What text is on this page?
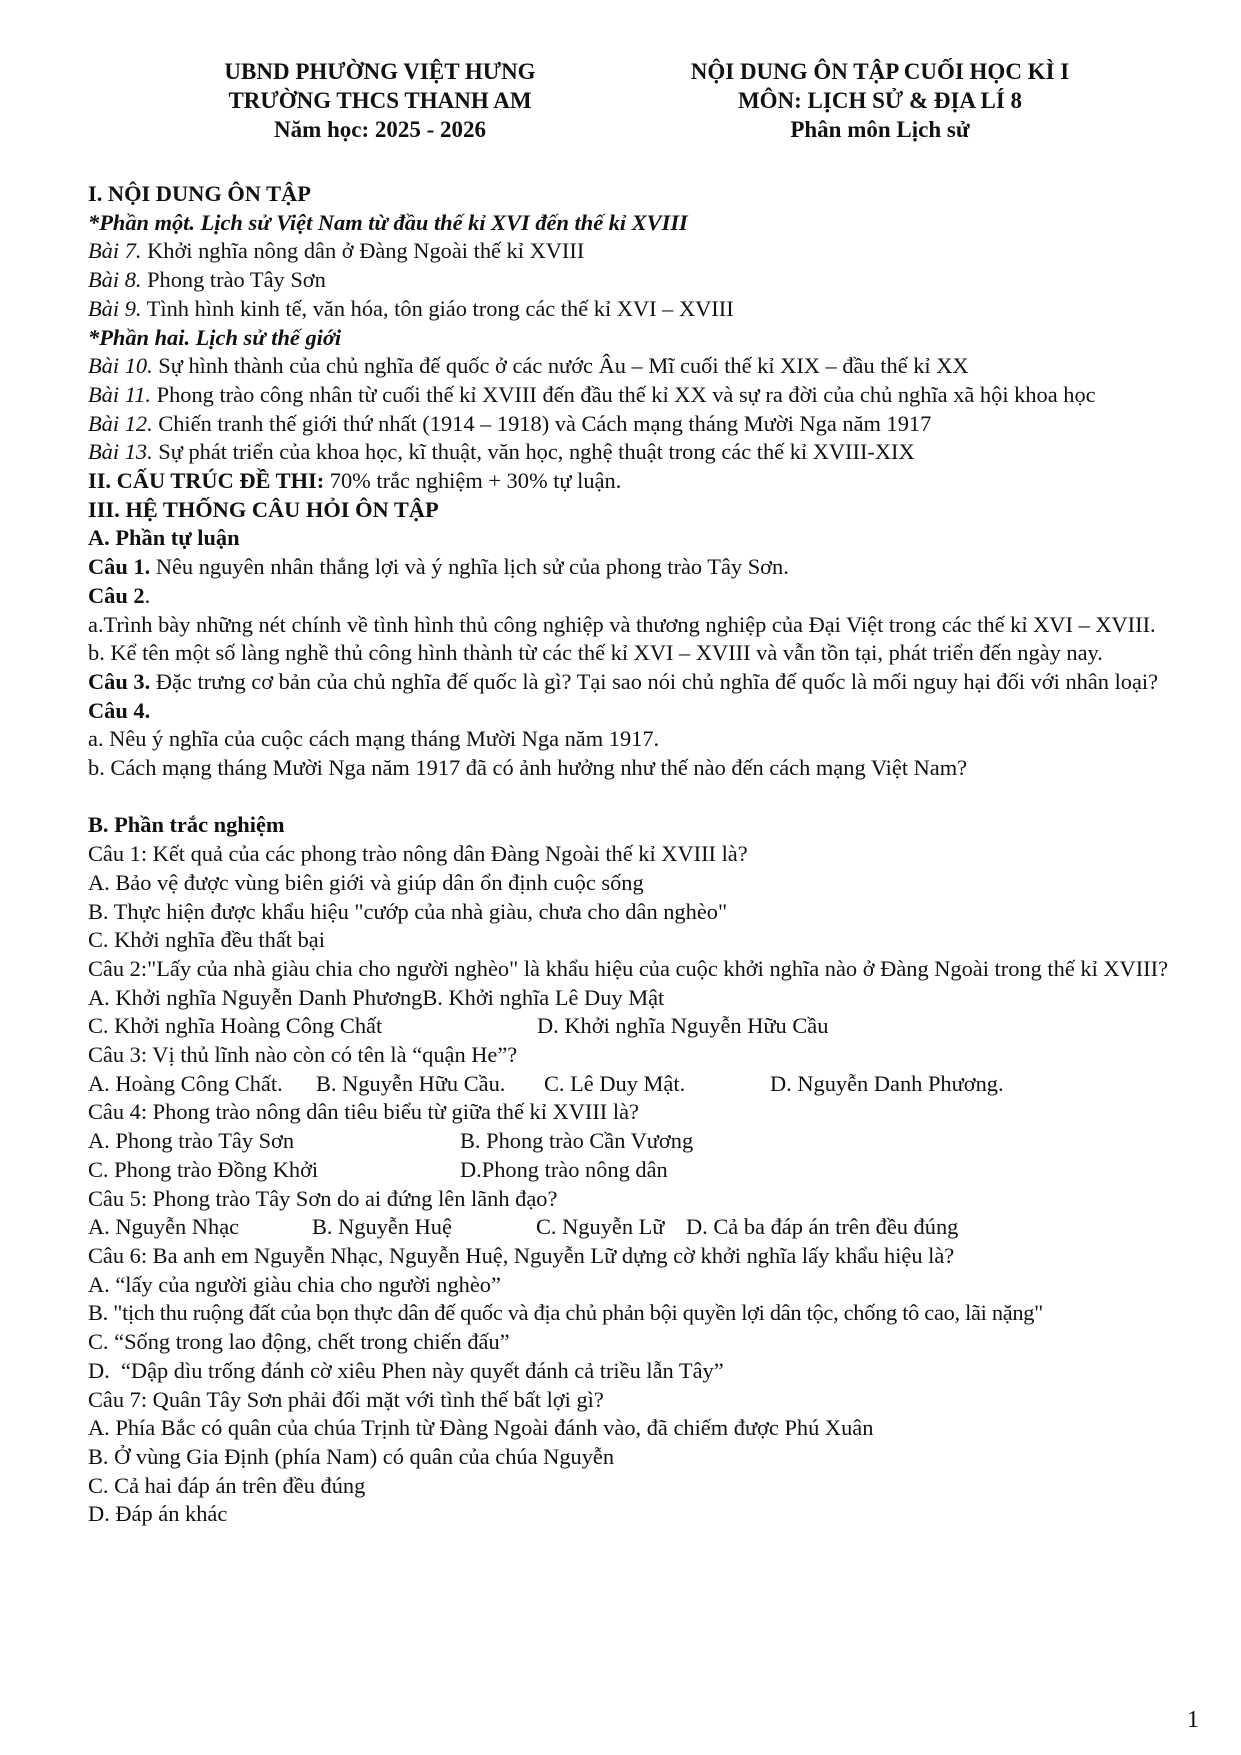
UBND PHƯỜNG VIỆT HƯNG
TRƯỜNG THCS THANH AM
Năm học: 2025 - 2026
NỘI DUNG ÔN TẬP CUỐI HỌC KÌ I
MÔN: LỊCH SỬ & ĐỊA LÍ 8
Phân môn Lịch sử

I. NỘI DUNG ÔN TẬP

*Phần một. Lịch sử Việt Nam từ đầu thế kỉ XVI đến thế kỉ XVIII

Bài 7. Khởi nghĩa nông dân ở Đàng Ngoài thế kỉ XVIII

Bài 8. Phong trào Tây Sơn

Bài 9. Tình hình kinh tế, văn hóa, tôn giáo trong các thế kỉ XVI – XVIII

*Phần hai. Lịch sử thế giới

Bài 10. Sự hình thành của chủ nghĩa đế quốc ở các nước Âu – Mĩ cuối thế kỉ XIX – đầu thế kỉ XX

Bài 11. Phong trào công nhân từ cuối thế kỉ XVIII đến đầu thế kỉ XX và sự ra đời của chủ nghĩa xã hội khoa học

Bài 12. Chiến tranh thế giới thứ nhất (1914 – 1918) và Cách mạng tháng Mười Nga năm 1917

Bài 13. Sự phát triển của khoa học, kĩ thuật, văn học, nghệ thuật trong các thế kỉ XVIII-XIX

II. CẤU TRÚC ĐỀ THI: 70% trắc nghiệm + 30% tự luận.

III. HỆ THỐNG CÂU HỎI ÔN TẬP

A. Phần tự luận

Câu 1. Nêu nguyên nhân thắng lợi và ý nghĩa lịch sử của phong trào Tây Sơn.

Câu 2.

a.Trình bày những nét chính về tình hình thủ công nghiệp và thương nghiệp của Đại Việt trong các thế kỉ XVI – XVIII.

b. Kể tên một số làng nghề thủ công hình thành từ các thế kỉ XVI – XVIII và vẫn tồn tại, phát triển đến ngày nay.

Câu 3. Đặc trưng cơ bản của chủ nghĩa đế quốc là gì? Tại sao nói chủ nghĩa đế quốc là mối nguy hại đối với nhân loại?

Câu 4.

a. Nêu ý nghĩa của cuộc cách mạng tháng Mười Nga năm 1917.

b. Cách mạng tháng Mười Nga năm 1917 đã có ảnh hưởng như thế nào đến cách mạng Việt Nam?

B. Phần trắc nghiệm

Câu 1: Kết quả của các phong trào nông dân Đàng Ngoài thế kỉ XVIII là?

A. Bảo vệ được vùng biên giới và giúp dân ổn định cuộc sống

B. Thực hiện được khẩu hiệu "cướp của nhà giàu, chưa cho dân nghèo"

C. Khởi nghĩa đều thất bại

Câu 2:"Lấy của nhà giàu chia cho người nghèo" là khẩu hiệu của cuộc khởi nghĩa nào ở Đàng Ngoài trong thế kỉ XVIII?

A. Khởi nghĩa Nguyễn Danh Phương B. Khởi nghĩa Lê Duy Mật
C. Khởi nghĩa Hoàng Công Chất	D. Khởi nghĩa Nguyễn Hữu Cầu

Câu 3: Vị thủ lĩnh nào còn có tên là “quận He”?

A. Hoàng Công Chất.	B. Nguyễn Hữu Cầu.	C. Lê Duy Mật.	D. Nguyễn Danh Phương.

Câu 4: Phong trào nông dân tiêu biểu từ giữa thế kỉ XVIII là?

A. Phong trào Tây Sơn	B. Phong trào Cần Vương
C. Phong trào Đồng Khởi	D.Phong trào nông dân

Câu 5: Phong trào Tây Sơn do ai đứng lên lãnh đạo?

A. Nguyễn Nhạc	B. Nguyễn Huệ	C. Nguyễn Lữ D. Cả ba đáp án trên đều đúng

Câu 6: Ba anh em Nguyễn Nhạc, Nguyễn Huệ, Nguyễn Lữ dựng cờ khởi nghĩa lấy khẩu hiệu là?

A. “lấy của người giàu chia cho người nghèo”

B. "tịch thu ruộng đất của bọn thực dân đế quốc và địa chủ phản bội quyền lợi dân tộc, chống tô cao, lãi nặng"

C. “Sống trong lao động, chết trong chiến đấu”

D.  “Dập dìu trống đánh cờ xiêu Phen này quyết đánh cả triều lẫn Tây”

Câu 7: Quân Tây Sơn phải đối mặt với tình thế bất lợi gì?

A. Phía Bắc có quân của chúa Trịnh từ Đàng Ngoài đánh vào, đã chiếm được Phú Xuân

B. Ở vùng Gia Định (phía Nam) có quân của chúa Nguyễn

C. Cả hai đáp án trên đều đúng

D. Đáp án khác

1
